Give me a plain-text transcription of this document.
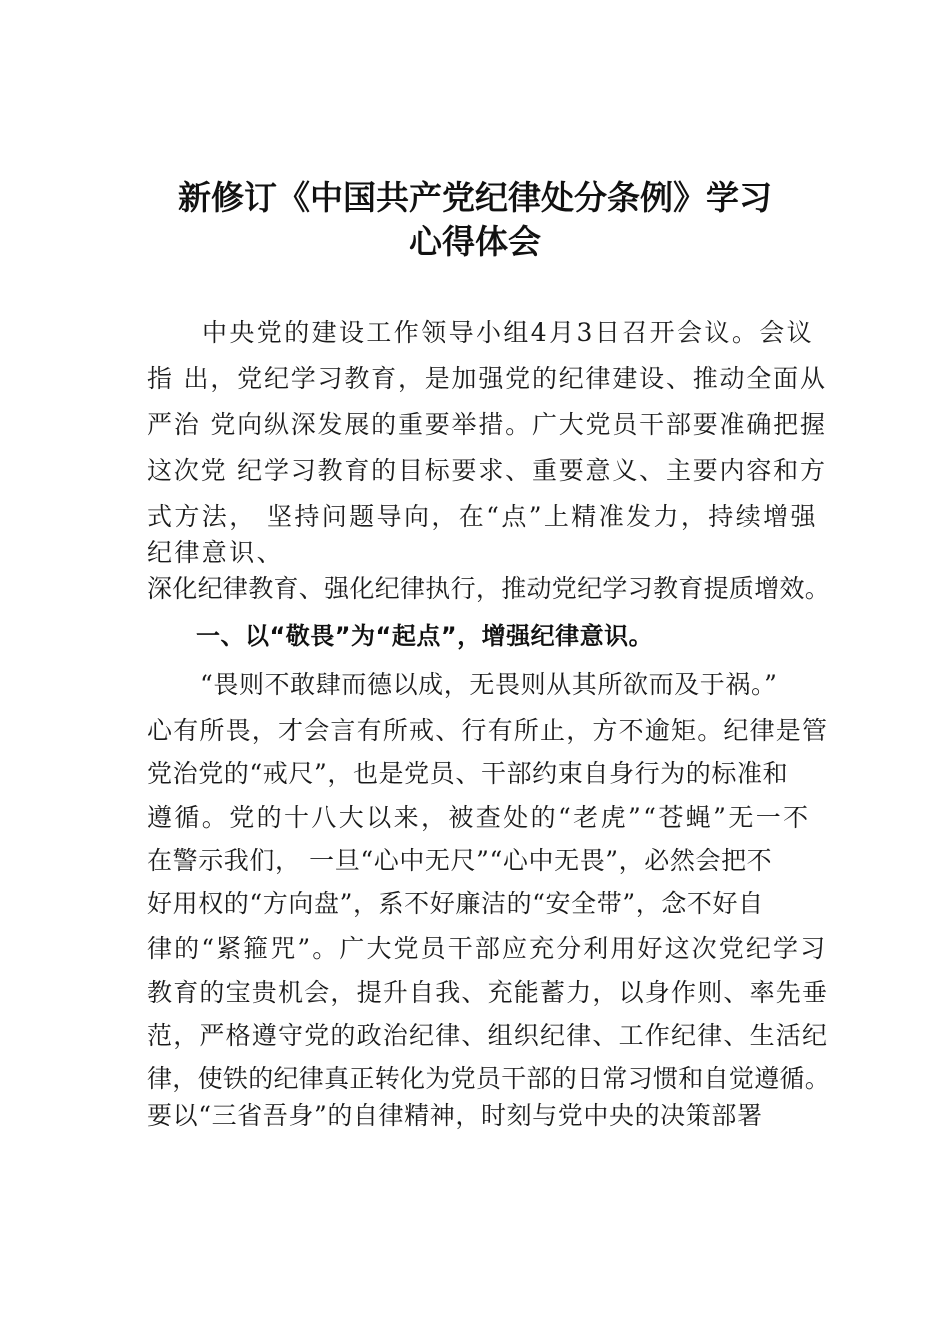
新修订《中国共产党纪律处分条例》学习
心得体会
中央党的建设工作领导小组4月3日召开会议。会议
指 出，党纪学习教育，是加强党的纪律建设、推动全面从
严治 党向纵深发展的重要举措。广大党员干部要准确把握
这次党 纪学习教育的目标要求、重要意义、主要内容和方
式方法， 坚持问题导向，在“点”上精准发力，持续增强
纪律意识、
深化纪律教育、强化纪律执行，推动党纪学习教育提质增效。
一、以“敬畏”为“起点”，增强纪律意识。
“畏则不敢肆而德以成，无畏则从其所欲而及于祸。”
心有所畏，才会言有所戒、行有所止，方不逾矩。纪律是管
党治党的“戒尺”，也是党员、干部约束自身行为的标准和
遵循。党的十八大以来，被查处的“老虎”“苍蝇”无一不
在警示我们， 一旦“心中无尺”“心中无畏”，必然会把不
好用权的“方向盘”，系不好廉洁的“安全带”，念不好自
律的“紧箍咒”。广大党员干部应充分利用好这次党纪学习
教育的宝贵机会，提升自我、充能蓄力，以身作则、率先垂
范，严格遵守党的政治纪律、组织纪律、工作纪律、生活纪
律，使铁的纪律真正转化为党员干部的日常习惯和自觉遵循。
要以“三省吾身”的自律精神，时刻与党中央的决策部署
